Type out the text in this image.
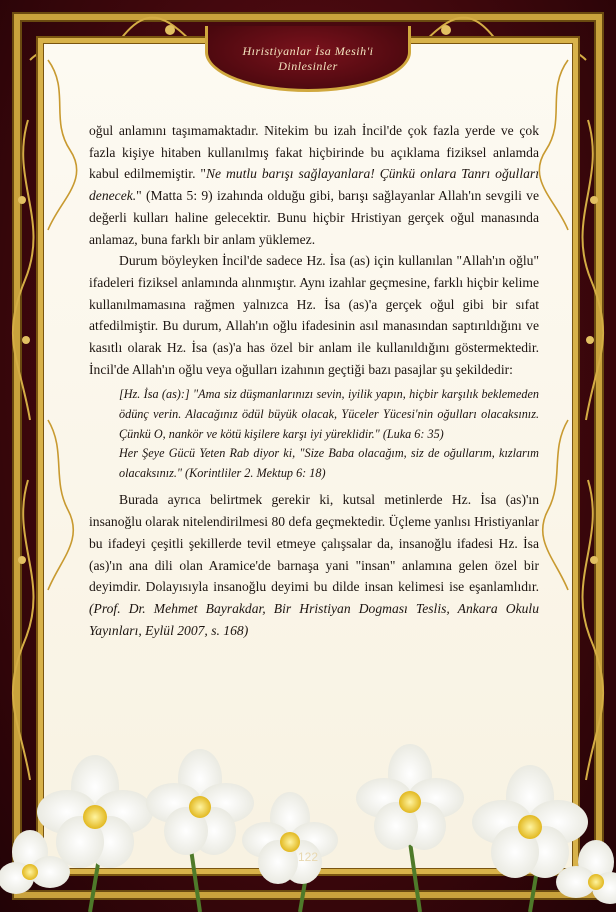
Hıristiyanlar İsa Mesih'i
Dinlesinler

oğul anlamını taşımamaktadır. Nitekim bu izah İncil'de çok fazla yerde ve çok fazla kişiye hitaben kullanılmış fakat hiçbirinde bu açıklama fiziksel anlamda kabul edilmemiştir. "Ne mutlu barışı sağlayanlara! Çünkü onlara Tanrı oğulları denecek." (Matta 5: 9) izahında olduğu gibi, barışı sağlayanlar Allah'ın sevgili ve değerli kulları haline gelecektir. Bunu hiçbir Hristiyan gerçek oğul manasında anlamaz, buna farklı bir anlam yüklemez.

Durum böyleyken İncil'de sadece Hz. İsa (as) için kullanılan "Allah'ın oğlu" ifadeleri fiziksel anlamında alınmıştır. Aynı izahlar geçmesine, farklı hiçbir kelime kullanılmamasına rağmen yalnızca Hz. İsa (as)'a gerçek oğul gibi bir sıfat atfedilmiştir. Bu durum, Allah'ın oğlu ifadesinin asıl manasından saptırıldığını ve kasıtlı olarak Hz. İsa (as)'a has özel bir anlam ile kullanıldığını göstermektedir. İncil'de Allah'ın oğlu veya oğulları izahının geçtiği bazı pasajlar şu şekildedir:

[Hz. İsa (as):] "Ama siz düşmanlarınızı sevin, iyilik yapın, hiçbir karşılık beklemeden ödünç verin. Alacağınız ödül büyük olacak, Yüceler Yücesi'nin oğulları olacaksınız. Çünkü O, nankör ve kötü kişilere karşı iyi yüreklidir." (Luka 6: 35)

Her Şeye Gücü Yeten Rab diyor ki, "Size Baba olacağım, siz de oğullarım, kızlarım olacaksınız." (Korintliler 2. Mektup 6: 18)

Burada ayrıca belirtmek gerekir ki, kutsal metinlerde Hz. İsa (as)'ın insanoğlu olarak nitelendirilmesi 80 defa geçmektedir. Üçleme yanlısı Hristiyanlar bu ifadeyi çeşitli şekillerde tevil etmeye çalışsalar da, insanoğlu ifadesi Hz. İsa (as)'ın ana dili olan Aramice'de barnaşa yani "insan" anlamına gelen özel bir deyimdir. Dolayısıyla insanoğlu deyimi bu dilde insan kelimesi ise eşanlamlıdır. (Prof. Dr. Mehmet Bayrakdar, Bir Hristiyan Dogması Teslis, Ankara Okulu Yayınları, Eylül 2007, s. 168)

122
